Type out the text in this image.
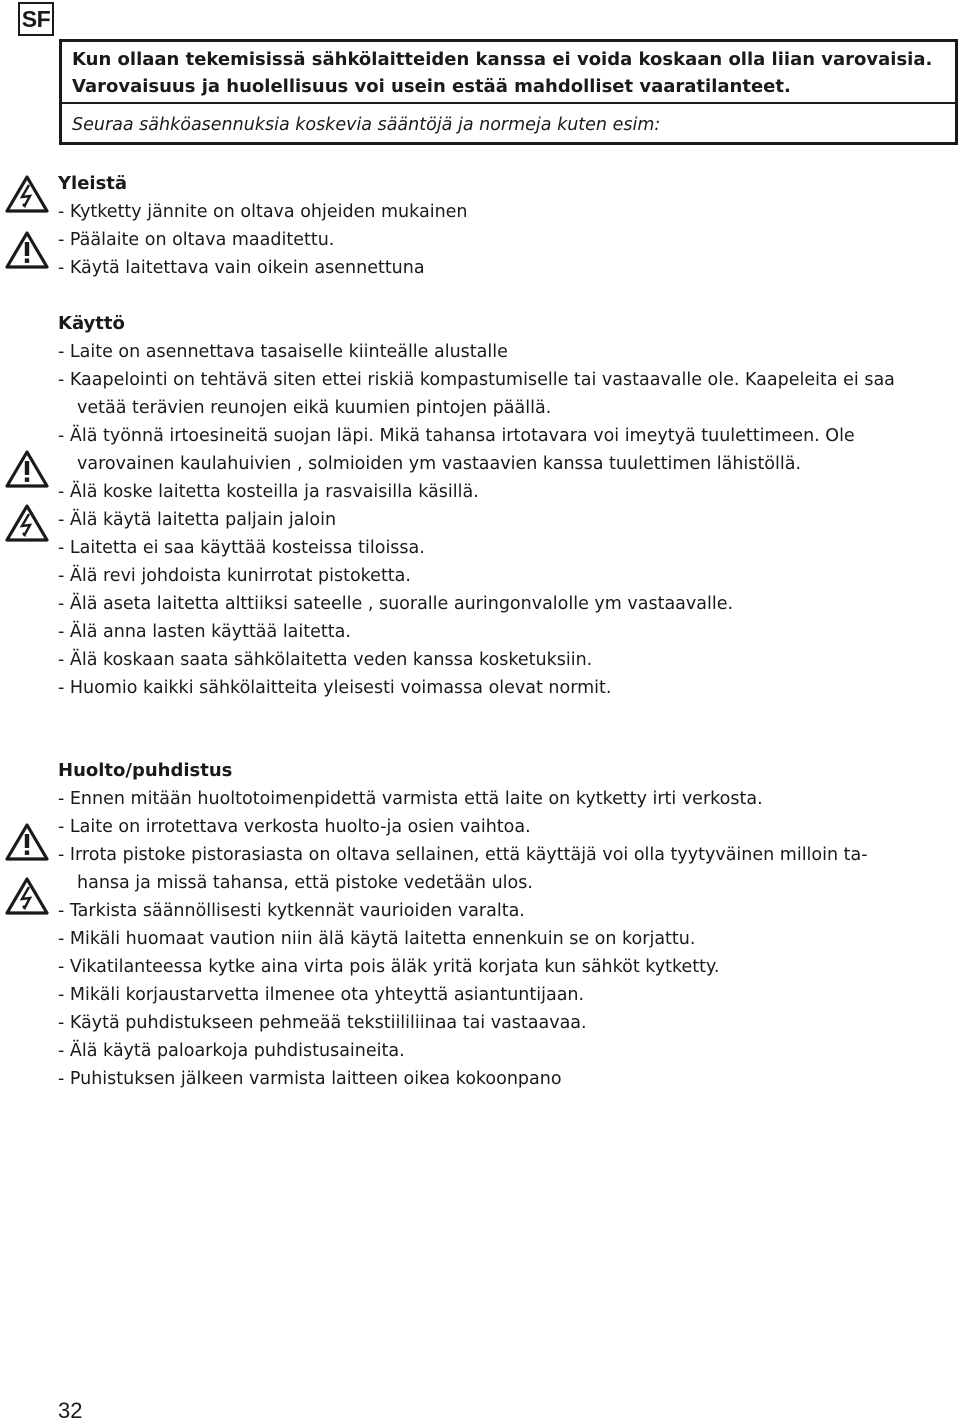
SF
Kun ollaan tekemisissä sähkölaitteiden kanssa ei voida koskaan olla liian varovaisia.
Varovaisuus ja huolellisuus voi usein estää mahdolliset vaaratilanteet.
Seuraa sähköasennuksia koskevia sääntöjä ja normeja kuten esim:
Yleistä
- Kytketty jännite on oltava ohjeiden mukainen
- Päälaite on oltava maaditettu.
- Käytä laitettava vain oikein asennettuna
Käyttö
- Laite on asennettava tasaiselle kiinteälle alustalle
- Kaapelointi on tehtävä siten ettei riskiä kompastumiselle tai vastaavalle ole. Kaapeleita ei saa
vetää terävien reunojen eikä kuumien pintojen päällä.
- Älä työnnä irtoesineitä suojan läpi. Mikä tahansa irtotavara voi imeytyä tuulettimeen. Ole
varovainen kaulahuivien , solmioiden ym vastaavien kanssa tuulettimen lähistöllä.
- Älä koske laitetta kosteilla ja rasvaisilla käsillä.
- Älä käytä laitetta paljain jaloin
- Laitetta ei saa käyttää kosteissa tiloissa.
- Älä revi johdoista kunirrotat pistoketta.
- Älä aseta laitetta alttiiksi sateelle , suoralle auringonvalolle ym vastaavalle.
- Älä anna lasten käyttää laitetta.
- Älä koskaan saata sähkölaitetta veden kanssa kosketuksiin.
- Huomio kaikki sähkölaitteita yleisesti voimassa olevat normit.
Huolto/puhdistus
- Ennen mitään huoltotoimenpidettä varmista että laite on kytketty irti verkosta.
- Laite on irrotettava verkosta huolto-ja osien vaihtoa.
- Irrota pistoke pistorasiasta on oltava sellainen, että käyttäjä voi olla tyytyväinen milloin ta-
hansa ja missä tahansa, että pistoke vedetään ulos.
- Tarkista säännöllisesti kytkennät vaurioiden varalta.
- Mikäli huomaat vaution niin älä käytä laitetta ennenkuin se on korjattu.
- Vikatilanteessa kytke aina virta pois äläk yritä korjata kun sähköt kytketty.
- Mikäli korjaustarvetta ilmenee ota yhteyttä asiantuntijaan.
- Käytä puhdistukseen pehmeää tekstiililiinaa tai vastaavaa.
- Älä käytä paloarkoja puhdistusaineita.
- Puhistuksen jälkeen varmista laitteen oikea kokoonpano
32
